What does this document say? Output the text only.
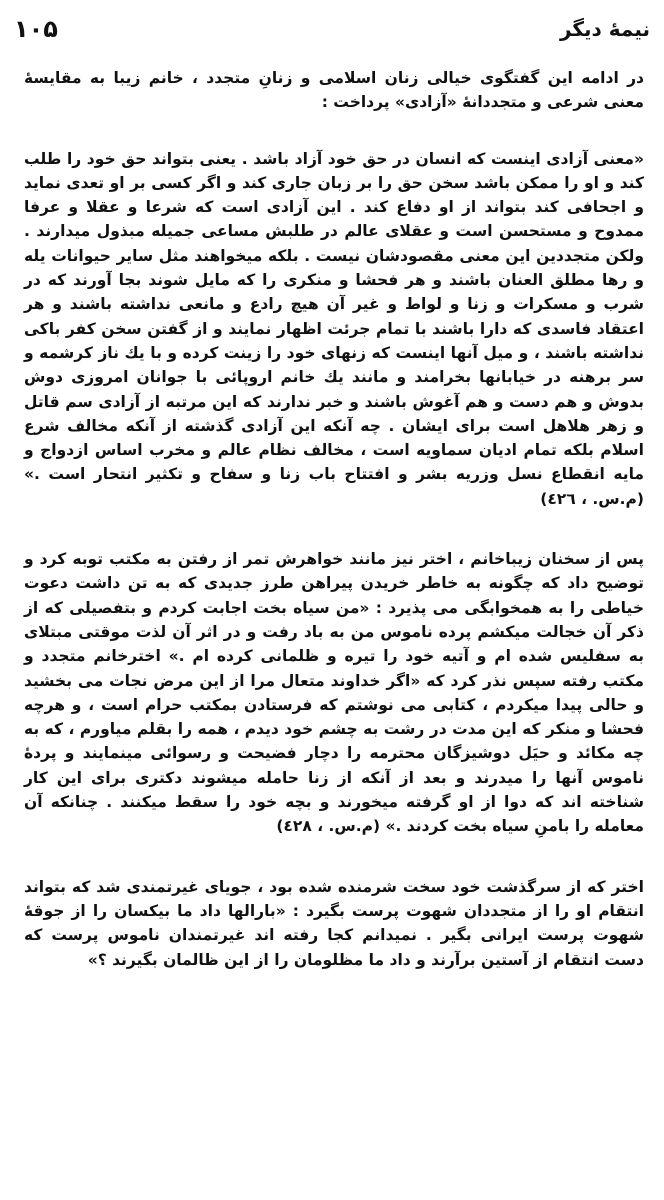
نیمهٔ دیگر
۱۰۵

در ادامه این گفتگوی خیالی زنان اسلامی و زنانِ متجدد ، خانم زیبا به مقایسهٔ معنی شرعی و متجددانهٔ «آزادی» پرداخت :

«معنی آزادی اینست که انسان در حق خود آزاد باشد . یعنی بتواند حق خود را طلب کند و او را ممکن باشد سخن حق را بر زبان جاری کند و اگر کسی بر او تعدی نماید و اجحافی کند بتواند از او دفاع کند . این آزادی است که شرعا و عقلا و عرفا ممدوح و مستحسن است و عقلای عالم در طلبش مساعی جمیله مبذول میدارند . ولکن متجددین این معنی مقصودشان نیست . بلکه میخواهند مثل سایر حیوانات یله و رها مطلق العنان باشند و هر فحشا و منکری را که مایل شوند بجا آورند که در شرب و مسکرات و زنا و لواط و غیر آن هیچ رادع و مانعی نداشته باشند و هر اعتقاد فاسدی که دارا باشند با تمام جرئت اظهار نمایند و از گفتن سخن کفر باکی نداشته باشند ، و میل آنها اینست که زنهای خود را زینت کرده و با یك ناز کرشمه و سر برهنه در خیابانها بخرامند و مانند یك خانم اروپائی با جوانان امروزی دوش بدوش و هم دست و هم آغوش باشند و خبر ندارند که این مرتبه از آزادی سم قاتل و زهر هلاهل است برای ایشان . چه آنکه این آزادی گذشته از آنکه مخالف شرع اسلام بلکه تمام ادیان سماویه است ، مخالف نظام عالم و مخرب اساس ازدواج و مایه انقطاع نسل وزریه بشر و افتتاح باب زنا و سفاح و تکثیر انتحار است .» (م.س. ، ٤٢٦)

پس از سخنان زیباخانم ، اختر نیز مانند خواهرش تمر از رفتن به مکتب توبه کرد و توضیح داد که چگونه به خاطر خریدن پیراهن طرز جدیدی که به تن داشت دعوت خیاطی را به همخوابگی می پذیرد : «من سیاه بخت اجابت کردم و بتفصیلی که از ذکر آن خجالت میکشم پرده ناموس من به باد رفت و در اثر آن لذت موقتی مبتلای به سفلیس شده ام و آتیه خود را تیره و ظلمانی کرده ام .» اخترخانم متجدد و مکتب رفته سپس نذر کرد که «اگر خداوند متعال مرا از این مرض نجات می بخشید و حالی پیدا میکردم ، کتابی می نوشتم که فرستادن بمکتب حرام است ، و هرچه فحشا و منکر که این مدت در رشت به چشم خود دیدم ، همه را بقلم میاورم ، که به چه مکائد و حیَل دوشیزگان محترمه را دچار فضیحت و رسوائی مینمایند و پردهٔ ناموس آنها را میدرند و بعد از آنکه از زنا حامله میشوند دکتری برای این کار شناخته اند که دوا از او گرفته میخورند و بچه خود را سقط میکنند . چنانکه آن معامله را بامنِ سیاه بخت کردند .» (م.س. ، ٤٢٨)

اختر که از سرگذشت خود سخت شرمنده شده بود ، جویای غیرتمندی شد که بتواند انتقام او را از متجددان شهوت پرست بگیرد : «بارالها داد ما بیکسان را از جوقهٔ شهوت پرست ایرانی بگیر . نمیدانم کجا رفته اند غیرتمندان ناموس پرست که دست انتقام از آستین برآرند و داد ما مظلومان را از این ظالمان بگیرند ؟»
